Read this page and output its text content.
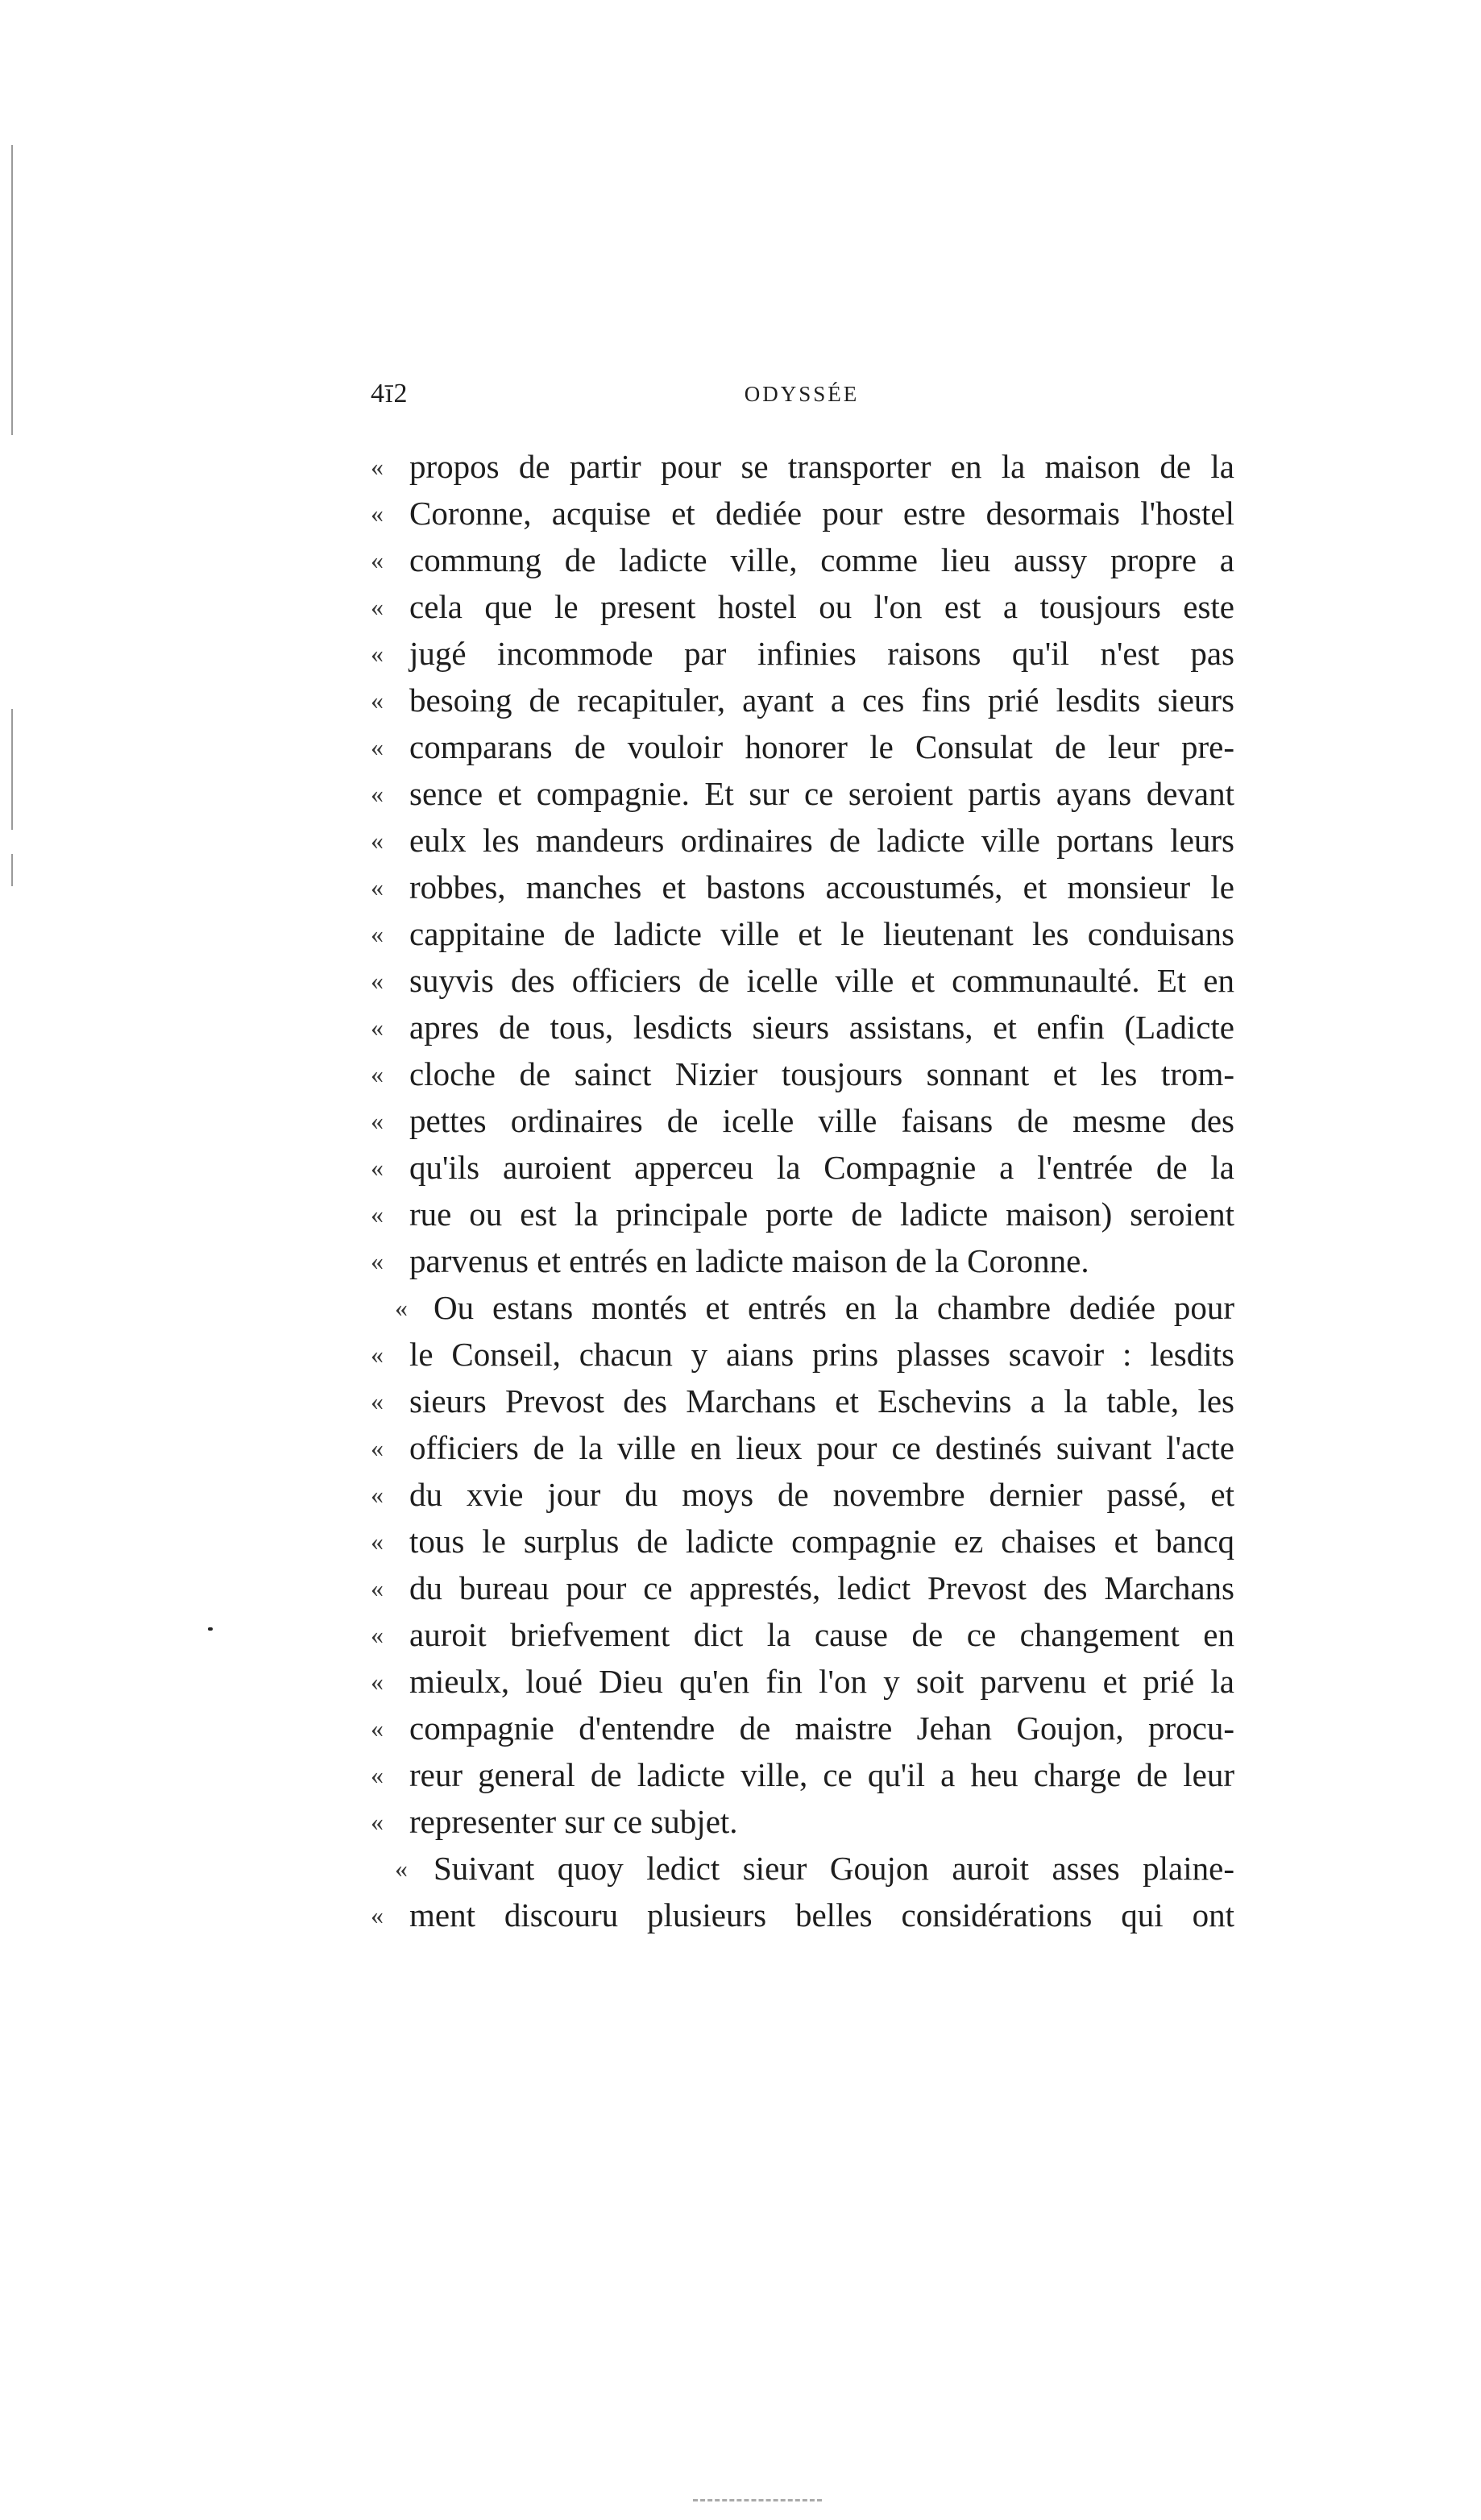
4ī2	ODYSSÉE
« propos de partir pour se transporter en la maison de la
« Coronne, acquise et dediée pour estre desormais l'hostel
« commung de ladicte ville, comme lieu aussy propre a
« cela que le present hostel ou l'on est a tousjours este
« jugé incommode par infinies raisons qu'il n'est pas
« besoing de recapituler, ayant a ces fins prié lesdits sieurs
« comparans de vouloir honorer le Consulat de leur pre-
« sence et compagnie. Et sur ce seroient partis ayans devant
« eulx les mandeurs ordinaires de ladicte ville portans leurs
« robbes, manches et bastons accoustumés, et monsieur le
« cappitaine de ladicte ville et le lieutenant les conduisans
« suyvis des officiers de icelle ville et communaulté. Et en
« apres de tous, lesdicts sieurs assistans, et enfin (Ladicte
« cloche de sainct Nizier tousjours sonnant et les trom-
« pettes ordinaires de icelle ville faisans de mesme des
« qu'ils auroient apperceu la Compagnie a l'entrée de la
« rue ou est la principale porte de ladicte maison) seroient
« parvenus et entrés en ladicte maison de la Coronne.
« Ou estans montés et entrés en la chambre dediée pour
« le Conseil, chacun y aians prins plasses scavoir : lesdits
« sieurs Prevost des Marchans et Eschevins a la table, les
« officiers de la ville en lieux pour ce destinés suivant l'acte
« du xvie jour du moys de novembre dernier passé, et
« tous le surplus de ladicte compagnie ez chaises et bancq
« du bureau pour ce apprestés, ledict Prevost des Marchans
« auroit briefvement dict la cause de ce changement en
« mieulx, loué Dieu qu'en fin l'on y soit parvenu et prié la
« compagnie d'entendre de maistre Jehan Goujon, procu-
« reur general de ladicte ville, ce qu'il a heu charge de leur
« representer sur ce subjet.
« Suivant quoy ledict sieur Goujon auroit asses plaine-
« ment discouru plusieurs belles considérations qui ont
